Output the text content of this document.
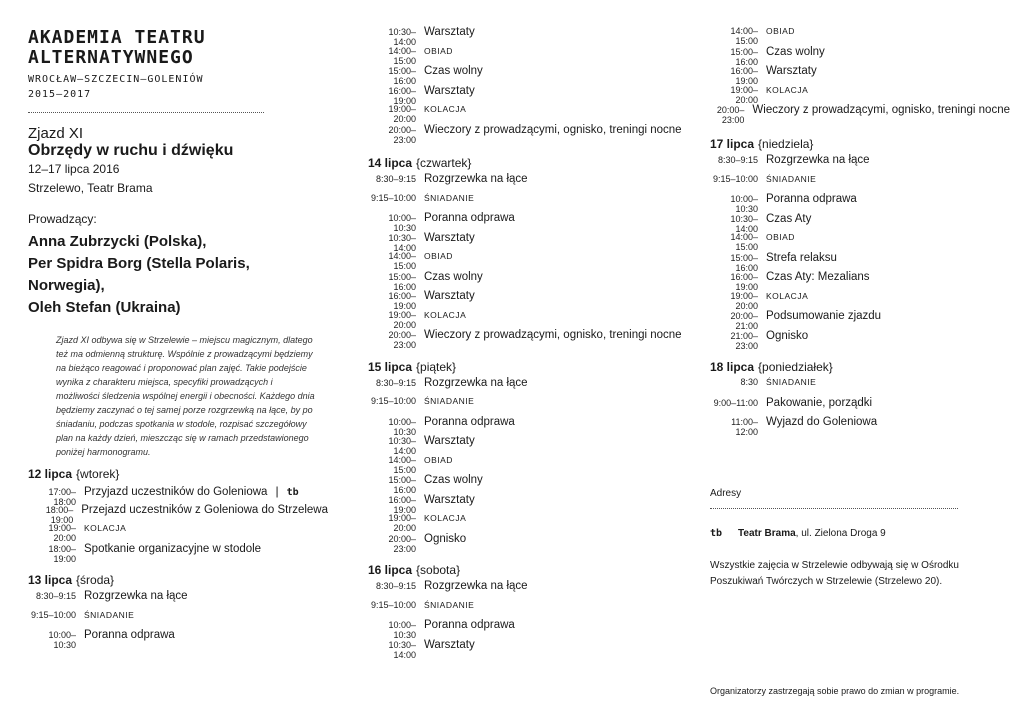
AKADEMIA TEATRU
ALTERNATYWNEGO
WROCŁAW–SZCZECIN–GOLENIÓW
2015–2017
Zjazd XI
Obrzędy w ruchu i dźwięku
12–17 lipca 2016
Strzelewo, Teatr Brama
Prowadzący:
Anna Zubrzycki (Polska),
Per Spidra Borg (Stella Polaris, Norwegia),
Oleh Stefan (Ukraina)
Zjazd XI odbywa się w Strzelewie – miejscu magicznym, dlatego też ma odmienną strukturę. Wspólnie z prowadzącymi będziemy na bieżąco reagować i proponować plan zajęć. Takie podejście wynika z charakteru miejsca, specyfiki prowadzących i możliwości śledzenia wspólnej energii i obecności. Każdego dnia będziemy zaczynać o tej samej porze rozgrzewką na łące, by po śniadaniu, podczas spotkania w stodole, rozpisać szczegółowy plan na każdy dzień, mieszcząc się w ramach przedstawionego poniżej harmonogramu.
12 lipca {wtorek}
17:00–18:00
Przyjazd uczestników do Goleniowa | tb
18:00–19:00
Przejazd uczestników z Goleniowa do Strzelewa
19:00–20:00
KOLACJA
18:00–19:00
Spotkanie organizacyjne w stodole
13 lipca {środa}
8:30–9:15 Rozgrzewka na łące
9:15–10:00 ŚNIADANIE
10:00–10:30
Poranna odprawa
10:30–14:00
Warsztaty
14:00–15:00
OBIAD
15:00–16:00
Czas wolny
16:00–19:00
Warsztaty
19:00–20:00
KOLACJA
20:00–23:00
Wieczory z prowadzącymi, ognisko, treningi nocne
14 lipca {czwartek}
8:30–9:15 Rozgrzewka na łące
9:15–10:00 ŚNIADANIE
10:00–10:30
Poranna odprawa
10:30–14:00
Warsztaty
14:00–15:00
OBIAD
15:00–16:00
Czas wolny
16:00–19:00
Warsztaty
19:00–20:00
KOLACJA
20:00–23:00
Wieczory z prowadzącymi, ognisko, treningi nocne
15 lipca {piątek}
8:30–9:15 Rozgrzewka na łące
9:15–10:00 ŚNIADANIE
10:00–10:30
Poranna odprawa
10:30–14:00
Warsztaty
14:00–15:00
OBIAD
15:00–16:00
Czas wolny
16:00–19:00
Warsztaty
19:00–20:00
KOLACJA
20:00–23:00
Ognisko
16 lipca {sobota}
8:30–9:15 Rozgrzewka na łące
9:15–10:00 ŚNIADANIE
10:00–10:30
Poranna odprawa
10:30–14:00
Warsztaty
14:00–15:00
OBIAD
15:00–16:00
Czas wolny
16:00–19:00
Warsztaty
19:00–20:00
KOLACJA
20:00–23:00
Wieczory z prowadzącymi, ognisko, treningi nocne
17 lipca {niedziela}
8:30–9:15 Rozgrzewka na łące
9:15–10:00 ŚNIADANIE
10:00–10:30
Poranna odprawa
10:30–14:00
Czas Aty
14:00–15:00
OBIAD
15:00–16:00
Strefa relaksu
16:00–19:00
Czas Aty: Mezalians
19:00–20:00
KOLACJA
20:00–21:00
Podsumowanie zjazdu
21:00–23:00
Ognisko
18 lipca {poniedziałek}
8:30 ŚNIADANIE
9:00–11:00 Pakowanie, porządki
11:00–12:00
Wyjazd do Goleniowa
Adresy
tb Teatr Brama, ul. Zielona Droga 9
Wszystkie zajęcia w Strzelewie odbywają się w Ośrodku Poszukiwań Twórczych w Strzelewie (Strzelewo 20).
Organizatorzy zastrzegają sobie prawo do zmian w programie.
